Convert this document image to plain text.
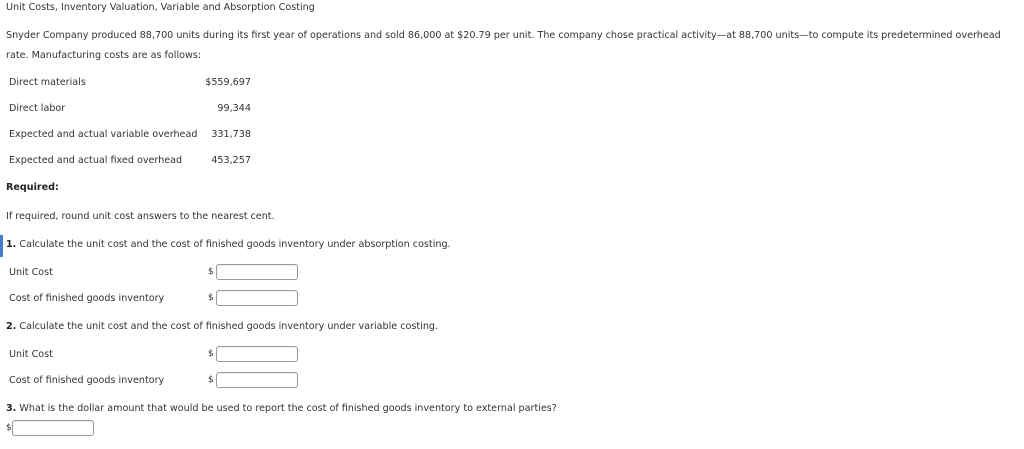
Unit Costs, Inventory Valuation, Variable and Absorption Costing
Snyder Company produced 88,700 units during its first year of operations and sold 86,000 at $20.79 per unit. The company chose practical activity—at 88,700 units—to compute its predetermined overhead
rate. Manufacturing costs are as follows:
Direct materials	$559,697
Direct labor	99,344
Expected and actual variable overhead	331,738
Expected and actual fixed overhead	453,257
Required:
If required, round unit cost answers to the nearest cent.
1. Calculate the unit cost and the cost of finished goods inventory under absorption costing.
Unit Cost	$
Cost of finished goods inventory	$
2. Calculate the unit cost and the cost of finished goods inventory under variable costing.
Unit Cost	$
Cost of finished goods inventory	$
3. What is the dollar amount that would be used to report the cost of finished goods inventory to external parties?
$
